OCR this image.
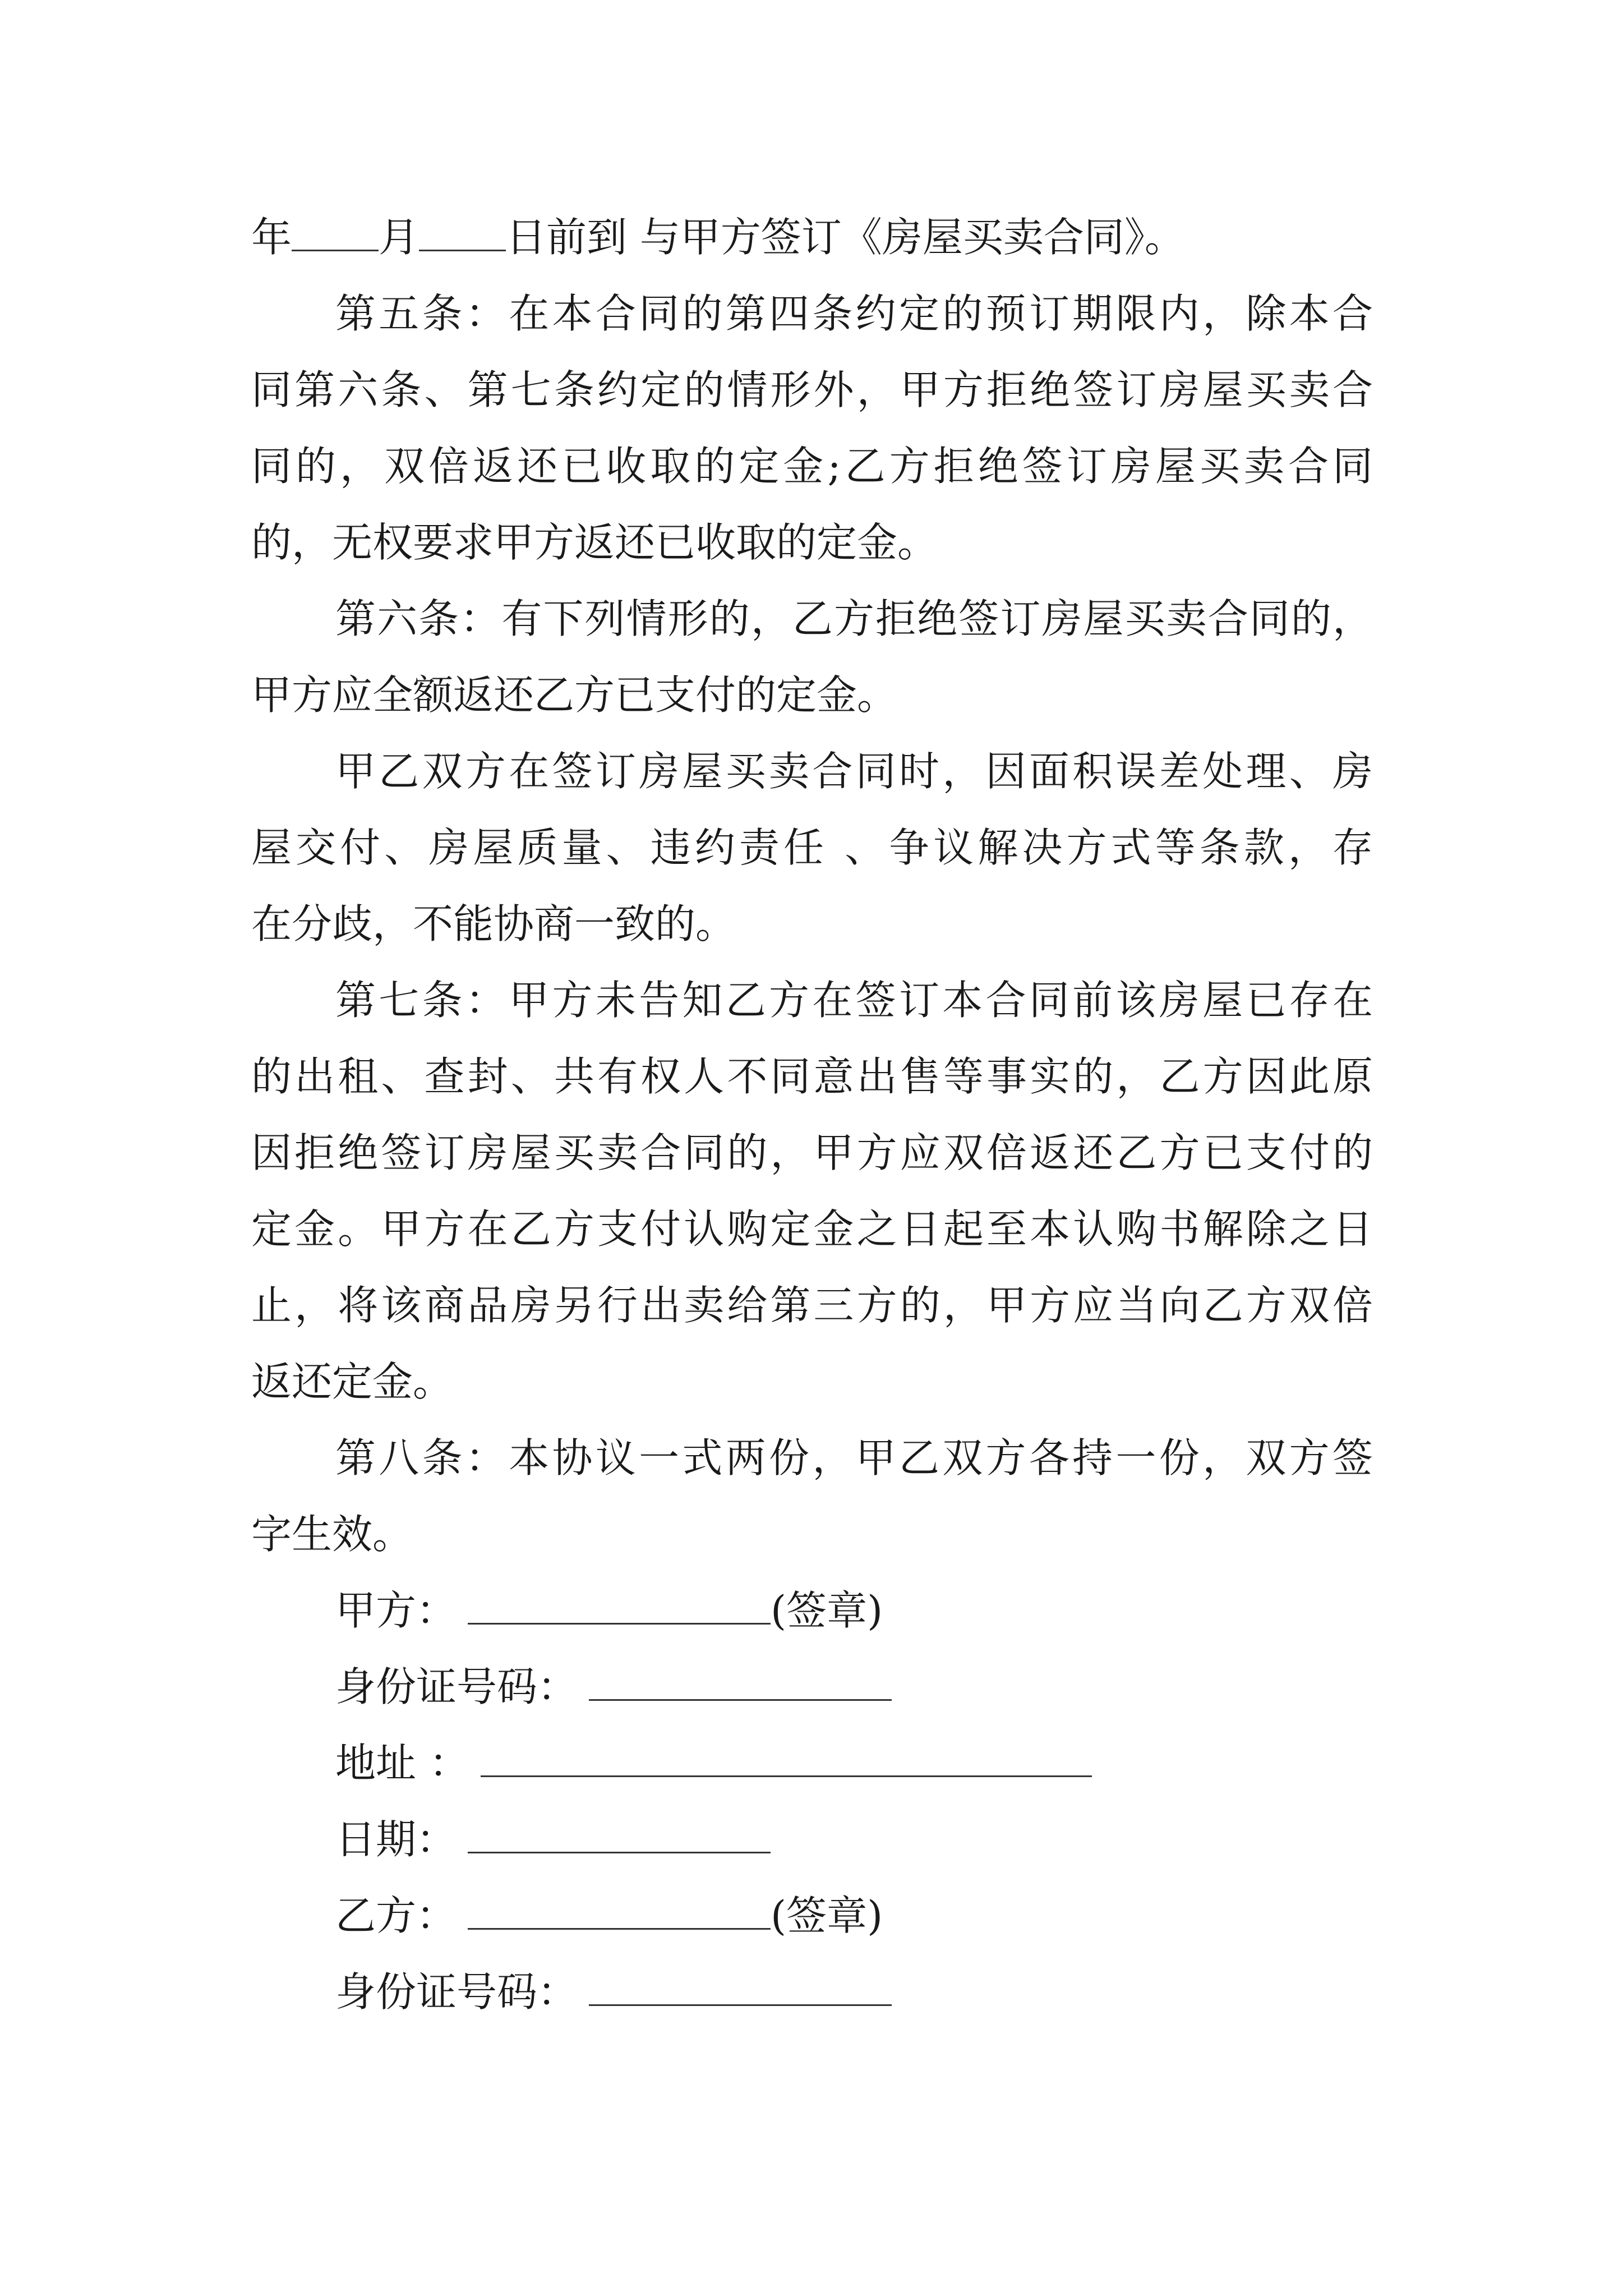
年 月 日前到 与甲方签订《房屋买卖合同》。
第五条：在本合同的第四条约定的预订期限内，除本合
同第六条、第七条约定的情形外，甲方拒绝签订房屋买卖合
同的，双倍返还已收取的定金;乙方拒绝签订房屋买卖合同
的，无权要求甲方返还已收取的定金。
第六条：有下列情形的，乙方拒绝签订房屋买卖合同的，
甲方应全额返还乙方已支付的定金。
甲乙双方在签订房屋买卖合同时，因面积误差处理、房
屋交付、房屋质量、违约责任 、争议解决方式等条款，存
在分歧，不能协商一致的。
第七条：甲方未告知乙方在签订本合同前该房屋已存在
的出租、查封、共有权人不同意出售等事实的，乙方因此原
因拒绝签订房屋买卖合同的，甲方应双倍返还乙方已支付的
定金。甲方在乙方支付认购定金之日起至本认购书解除之日
止，将该商品房另行出卖给第三方的，甲方应当向乙方双倍
返还定金。
第八条：本协议一式两份，甲乙双方各持一份，双方签
字生效。
甲方：	(签章)
身份证号码：
地址 ：
日期：
乙方：	(签章)
身份证号码：
